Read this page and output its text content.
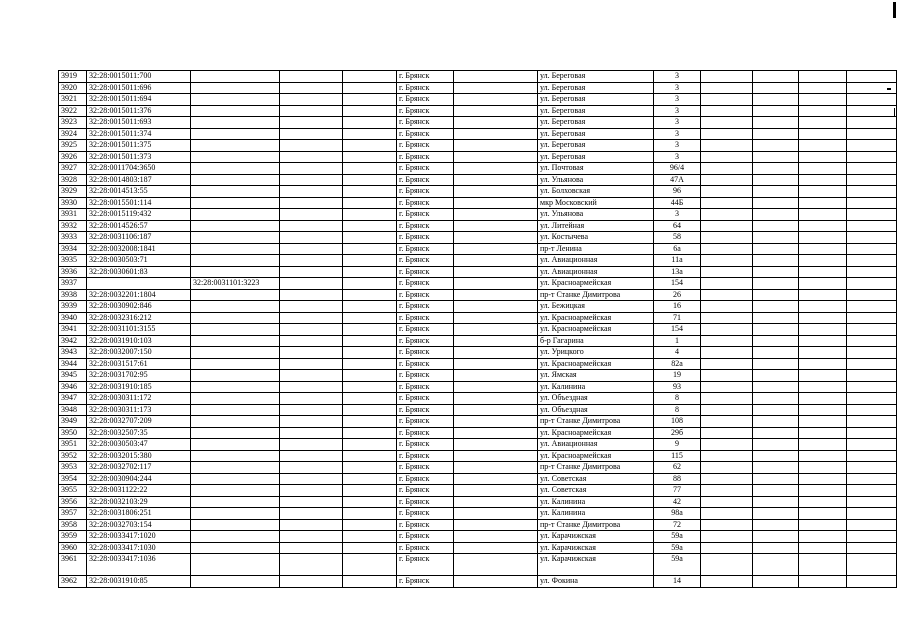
3919	32:28:0015011:700				г. Брянск		ул. Береговая	3				
3920	32:28:0015011:696				г. Брянск		ул. Береговая	3				
3921	32:28:0015011:694				г. Брянск		ул. Береговая	3				
3922	32:28:0015011:376				г. Брянск		ул. Береговая	3				
3923	32:28:0015011:693				г. Брянск		ул. Береговая	3				
3924	32:28:0015011:374				г. Брянск		ул. Береговая	3				
3925	32:28:0015011:375				г. Брянск		ул. Береговая	3				
3926	32:28:0015011:373				г. Брянск		ул. Береговая	3				
3927	32:28:0011704:3650				г. Брянск		ул. Почтовая	96/4				
3928	32:28:0014803:187				г. Брянск		ул. Ульянова	47А				
3929	32:28:0014513:55				г. Брянск		ул. Болховская	96				
3930	32:28:0015501:114				г. Брянск		мкр Московский	44Б				
3931	32:28:0015119:432				г. Брянск		ул. Ульянова	3				
3932	32:28:0014526:57				г. Брянск		ул. Литейная	64				
3933	32:28:0031106:187				г. Брянск		ул. Костычева	58				
3934	32:28:0032008:1841				г. Брянск		пр-т Ленина	6а				
3935	32:28:0030503:71				г. Брянск		ул. Авиационная	11а				
3936	32:28:0030601:83				г. Брянск		ул. Авиационная	13а				
3937		32:28:0031101:3223			г. Брянск		ул. Красноармейская	154				
3938	32:28:0032201:1804				г. Брянск		пр-т Станке Димитрова	26				
3939	32:28:0030902:846				г. Брянск		ул. Бежицкая	16				
3940	32:28:0032316:212				г. Брянск		ул. Красноармейская	71				
3941	32:28:0031101:3155				г. Брянск		ул. Красноармейская	154				
3942	32:28:0031910:103				г. Брянск		б-р Гагарина	1				
3943	32:28:0032007:150				г. Брянск		ул. Урицкого	4				
3944	32:28:0031517:61				г. Брянск		ул. Красноармейская	82а				
3945	32:28:0031702:95				г. Брянск		ул. Ямская	19				
3946	32:28:0031910:185				г. Брянск		ул. Калинина	93				
3947	32:28:0030311:172				г. Брянск		ул. Объездная	8				
3948	32:28:0030311:173				г. Брянск		ул. Объездная	8				
3949	32:28:0032707:209				г. Брянск		пр-т Станке Димитрова	108				
3950	32:28:0032507:35				г. Брянск		ул. Красноармейская	29б				
3951	32:28:0030503:47				г. Брянск		ул. Авиационная	9				
3952	32:28:0032015:380				г. Брянск		ул. Красноармейская	115				
3953	32:28:0032702:117				г. Брянск		пр-т Станке Димитрова	62				
3954	32:28:0030904:244				г. Брянск		ул. Советская	88				
3955	32:28:0031122:22				г. Брянск		ул. Советская	77				
3956	32:28:0032103:29				г. Брянск		ул. Калинина	42				
3957	32:28:0031806:251				г. Брянск		ул. Калинина	98а				
3958	32:28:0032703:154				г. Брянск		пр-т Станке Димитрова	72				
3959	32:28:0033417:1020				г. Брянск		ул. Карачижская	59а				
3960	32:28:0033417:1030				г. Брянск		ул. Карачижская	59а				
3961	32:28:0033417:1036				г. Брянск		ул. Карачижская	59а				
3962	32:28:0031910:85				г. Брянск		ул. Фокина	14				
